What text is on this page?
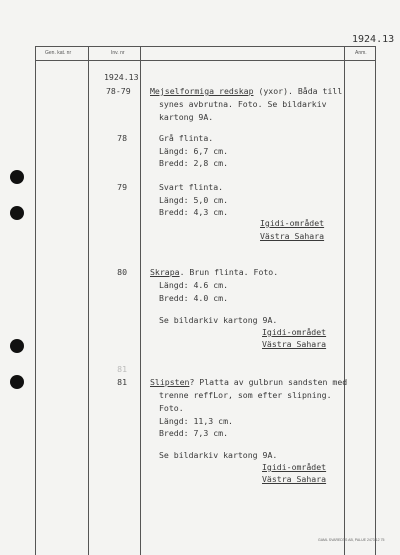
1924.13
Gen. kat. nr	Inv. nr	Anm.
1924.13
78-79 Mejselformiga redskap (yxor). Båda till
synes avbrutna. Foto. Se bildarkiv
kartong 9A.
78	Grå flinta.
Längd: 6,7 cm.
Bredd: 2,8 cm.
79	Svart flinta.
Längd: 5,0 cm.
Bredd: 4,3 cm.
Igidi-området
Västra Sahara
80	Skrapa. Brun flinta. Foto.
Längd: 4.6 cm.
Bredd: 4.0 cm.
Se bildarkiv kartong 9A.
Igidi-området
Västra Sahara
81
81	Slipsten? Platta av gulbrun sandsten med
trenne reffLor, som efter slipning.
Foto.
Längd: 11,3 cm.
Bredd: 7,3 cm.
Se bildarkiv kartong 9A.
Igidi-området
Västra Sahara
GAML SVAREDTS AB, PALUE 2473 12 75
